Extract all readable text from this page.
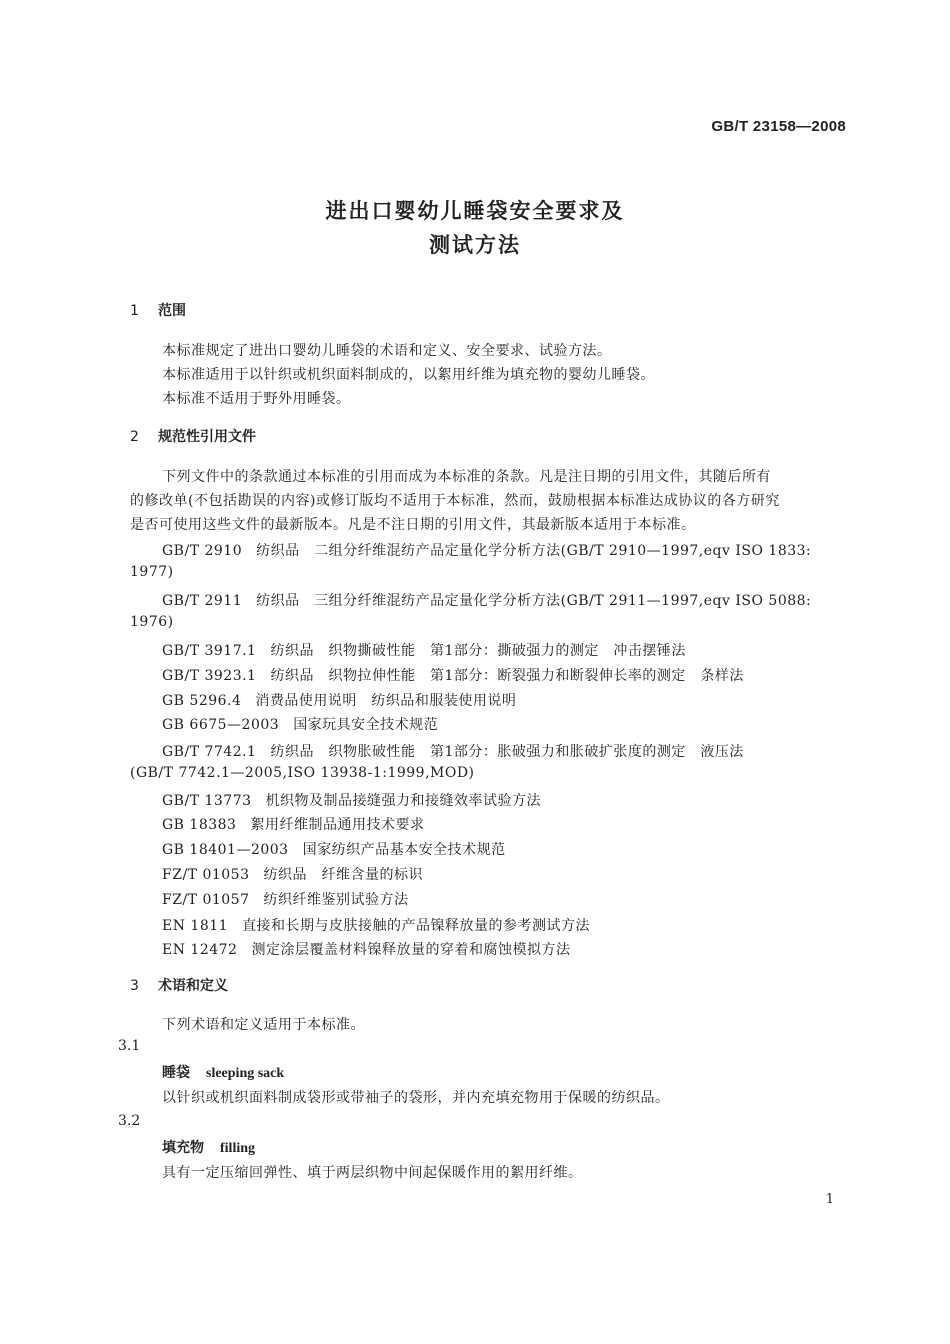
GB/T 23158—2008
进出口婴幼儿睡袋安全要求及
测试方法
1 范围
本标准规定了进出口婴幼儿睡袋的术语和定义、安全要求、试验方法。
本标准适用于以针织或机织面料制成的，以絮用纤维为填充物的婴幼儿睡袋。
本标准不适用于野外用睡袋。
2 规范性引用文件
下列文件中的条款通过本标准的引用而成为本标准的条款。凡是注日期的引用文件，其随后所有
的修改单(不包括勘误的内容)或修订版均不适用于本标准，然而，鼓励根据本标准达成协议的各方研究
是否可使用这些文件的最新版本。凡是不注日期的引用文件，其最新版本适用于本标准。
GB/T 2910 纺织品　二组分纤维混纺产品定量化学分析方法(GB/T 2910—1997,eqv ISO 1833:
1977)
GB/T 2911 纺织品　三组分纤维混纺产品定量化学分析方法(GB/T 2911—1997,eqv ISO 5088:
1976)
GB/T 3917.1 纺织品　织物撕破性能　第1部分：撕破强力的测定　冲击摆锤法
GB/T 3923.1 纺织品　织物拉伸性能　第1部分：断裂强力和断裂伸长率的测定　条样法
GB 5296.4 消费品使用说明　纺织品和服装使用说明
GB 6675—2003 国家玩具安全技术规范
GB/T 7742.1 纺织品　织物胀破性能　第1部分：胀破强力和胀破扩张度的测定　液压法
(GB/T 7742.1—2005,ISO 13938-1:1999,MOD)
GB/T 13773 机织物及制品接缝强力和接缝效率试验方法
GB 18383 絮用纤维制品通用技术要求
GB 18401—2003 国家纺织产品基本安全技术规范
FZ/T 01053 纺织品　纤维含量的标识
FZ/T 01057 纺织纤维鉴别试验方法
EN 1811 直接和长期与皮肤接触的产品镍释放量的参考测试方法
EN 12472 测定涂层覆盖材料镍释放量的穿着和腐蚀模拟方法
3 术语和定义
下列术语和定义适用于本标准。
3.1
睡袋 sleeping sack
以针织或机织面料制成袋形或带袖子的袋形，并内充填充物用于保暖的纺织品。
3.2
填充物 filling
具有一定压缩回弹性、填于两层织物中间起保暖作用的絮用纤维。
1
